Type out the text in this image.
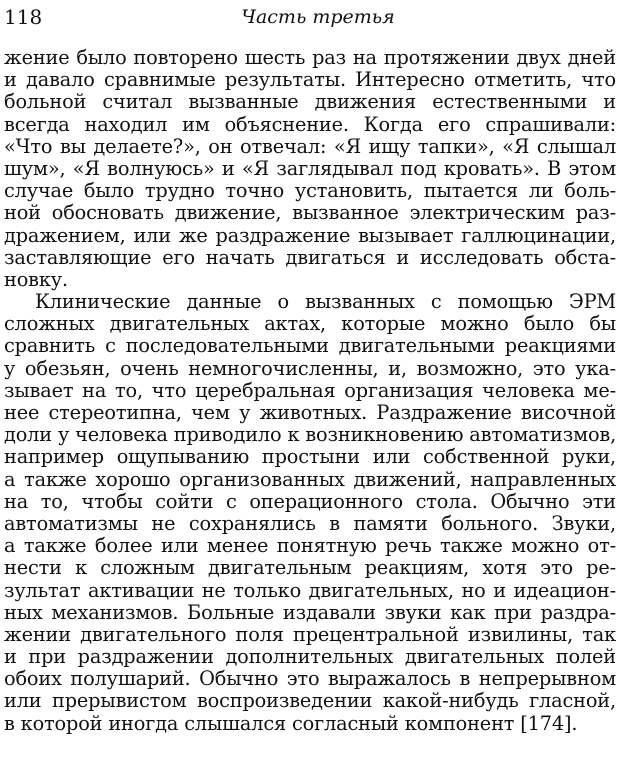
118	Часть третья
жение было повторено шесть раз на протяжении двух дней
и давало сравнимые результаты. Интересно отметить, что
больной считал вызванные движения естественными и
всегда находил им объяснение. Когда его спрашивали:
«Что вы делаете?», он отвечал: «Я ищу тапки», «Я слышал
шум», «Я волнуюсь» и «Я заглядывал под кровать». В этом
случае было трудно точно установить, пытается ли боль-
ной обосновать движение, вызванное электрическим раз-
дражением, или же раздражение вызывает галлюцинации,
заставляющие его начать двигаться и исследовать обста-
новку.
Клинические данные о вызванных с помощью ЭРМ
сложных двигательных актах, которые можно было бы
сравнить с последовательными двигательными реакциями
у обезьян, очень немногочисленны, и, возможно, это ука-
зывает на то, что церебральная организация человека ме-
нее стереотипна, чем у животных. Раздражение височной
доли у человека приводило к возникновению автоматизмов,
например ощупыванию простыни или собственной руки,
а также хорошо организованных движений, направленных
на то, чтобы сойти с операционного стола. Обычно эти
автоматизмы не сохранялись в памяти больного. Звуки,
а также более или менее понятную речь также можно от-
нести к сложным двигательным реакциям, хотя это ре-
зультат активации не только двигательных, но и идеацион-
ных механизмов. Больные издавали звуки как при раздра-
жении двигательного поля прецентральной извилины, так
и при раздражении дополнительных двигательных полей
обоих полушарий. Обычно это выражалось в непрерывном
или прерывистом воспроизведении какой-нибудь гласной,
в которой иногда слышался согласный компонент [174].
